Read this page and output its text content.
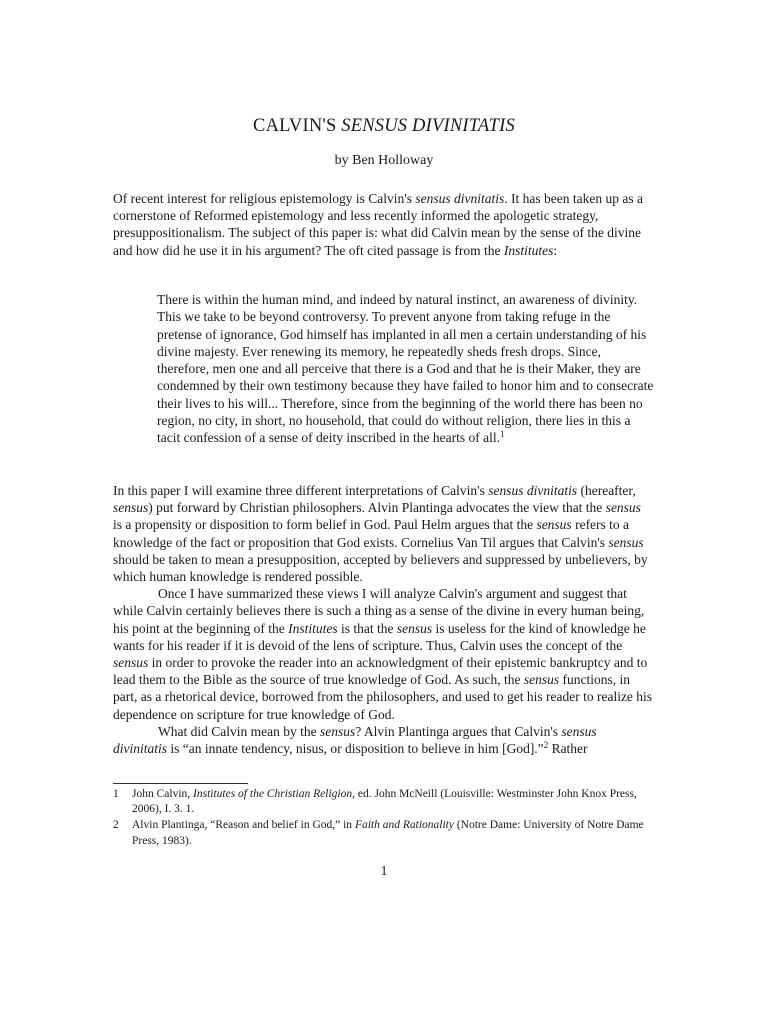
CALVIN'S SENSUS DIVINITATIS
by Ben Holloway

Of recent interest for religious epistemology is Calvin's sensus divnitatis. It has been taken up as a cornerstone of Reformed epistemology and less recently informed the apologetic strategy, presuppositionalism. The subject of this paper is: what did Calvin mean by the sense of the divine and how did he use it in his argument? The oft cited passage is from the Institutes:

There is within the human mind, and indeed by natural instinct, an awareness of divinity. This we take to be beyond controversy. To prevent anyone from taking refuge in the pretense of ignorance, God himself has implanted in all men a certain understanding of his divine majesty. Ever renewing its memory, he repeatedly sheds fresh drops. Since, therefore, men one and all perceive that there is a God and that he is their Maker, they are condemned by their own testimony because they have failed to honor him and to consecrate their lives to his will... Therefore, since from the beginning of the world there has been no region, no city, in short, no household, that could do without religion, there lies in this a tacit confession of a sense of deity inscribed in the hearts of all.$^1$

In this paper I will examine three different interpretations of Calvin's sensus divnitatis (hereafter, sensus) put forward by Christian philosophers. Alvin Plantinga advocates the view that the sensus is a propensity or disposition to form belief in God. Paul Helm argues that the sensus refers to a knowledge of the fact or proposition that God exists. Cornelius Van Til argues that Calvin's sensus should be taken to mean a presupposition, accepted by believers and suppressed by unbelievers, by which human knowledge is rendered possible.

Once I have summarized these views I will analyze Calvin's argument and suggest that while Calvin certainly believes there is such a thing as a sense of the divine in every human being, his point at the beginning of the Institutes is that the sensus is useless for the kind of knowledge he wants for his reader if it is devoid of the lens of scripture. Thus, Calvin uses the concept of the sensus in order to provoke the reader into an acknowledgment of their epistemic bankruptcy and to lead them to the Bible as the source of true knowledge of God. As such, the sensus functions, in part, as a rhetorical device, borrowed from the philosophers, and used to get his reader to realize his dependence on scripture for true knowledge of God.

What did Calvin mean by the sensus? Alvin Plantinga argues that Calvin's sensus divinitatis is “an innate tendency, nisus, or disposition to believe in him [God].”$^2$ Rather

1	John Calvin, Institutes of the Christian Religion, ed. John McNeill (Louisville: Westminster John Knox Press, 2006), I. 3. 1.
2	Alvin Plantinga, “Reason and belief in God,” in Faith and Rationality (Notre Dame: University of Notre Dame Press, 1983).
1
